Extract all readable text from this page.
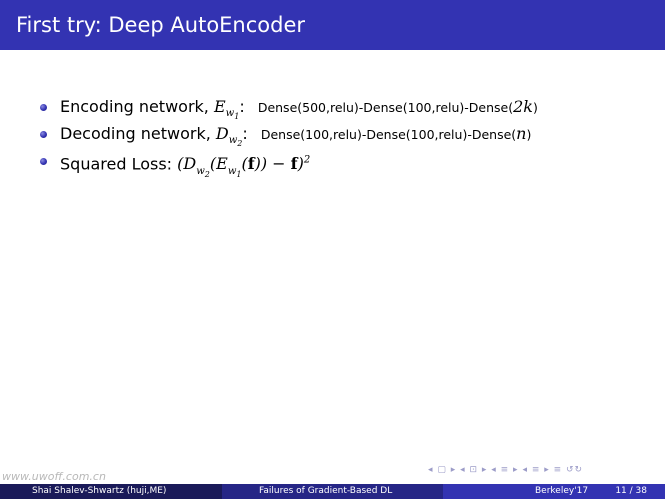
First try: Deep AutoEncoder
Encoding network, $E_{w_1}$: Dense(500,relu)-Dense(100,relu)-Dense(2k)
Decoding network, $D_{w_2}$: Dense(100,relu)-Dense(100,relu)-Dense(n)
Squared Loss: $(D_{w_2}(E_{w_1}(f)) - f)^2$
◂ ▢ ▸ ◂ ⊡ ▸ ◂ ≡ ▸ ◂ ≡ ▸ ≡ ↺↻
www.uwoff.com.cn
Shai Shalev-Shwartz (huji,ME)	Failures of Gradient-Based DL	Berkeley'17	11 / 38
